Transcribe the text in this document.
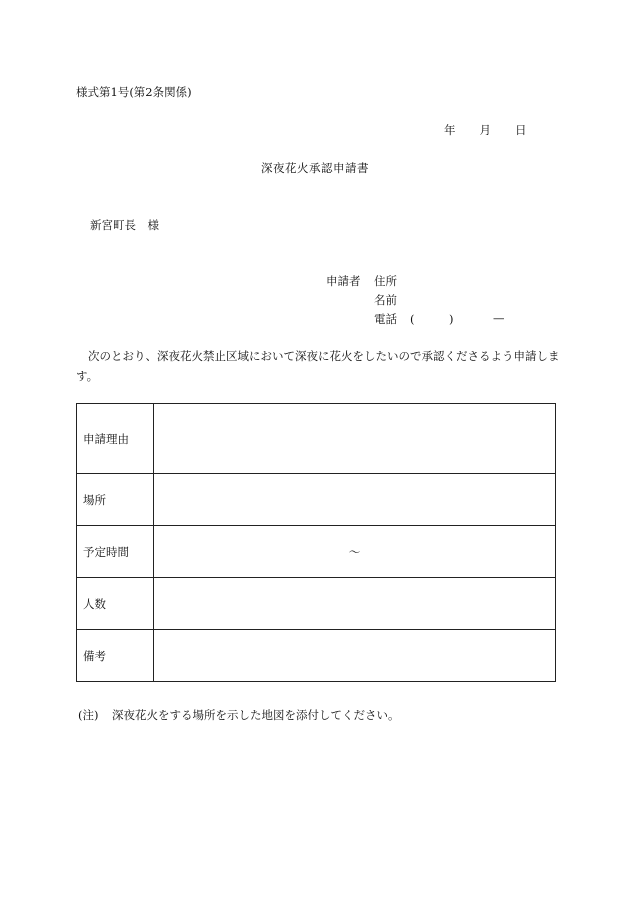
様式第1号(第2条関係)
年 月 日
深夜花火承認申請書
新宮町長　様
申請者 住所
名前
電話 (　　　)	—
次のとおり、深夜花火禁止区域において深夜に花火をしたいので承認くださるよう申請します。
申請理由	
場所	
予定時間	～
人数	
備考	
(注) 深夜花火をする場所を示した地図を添付してください。
